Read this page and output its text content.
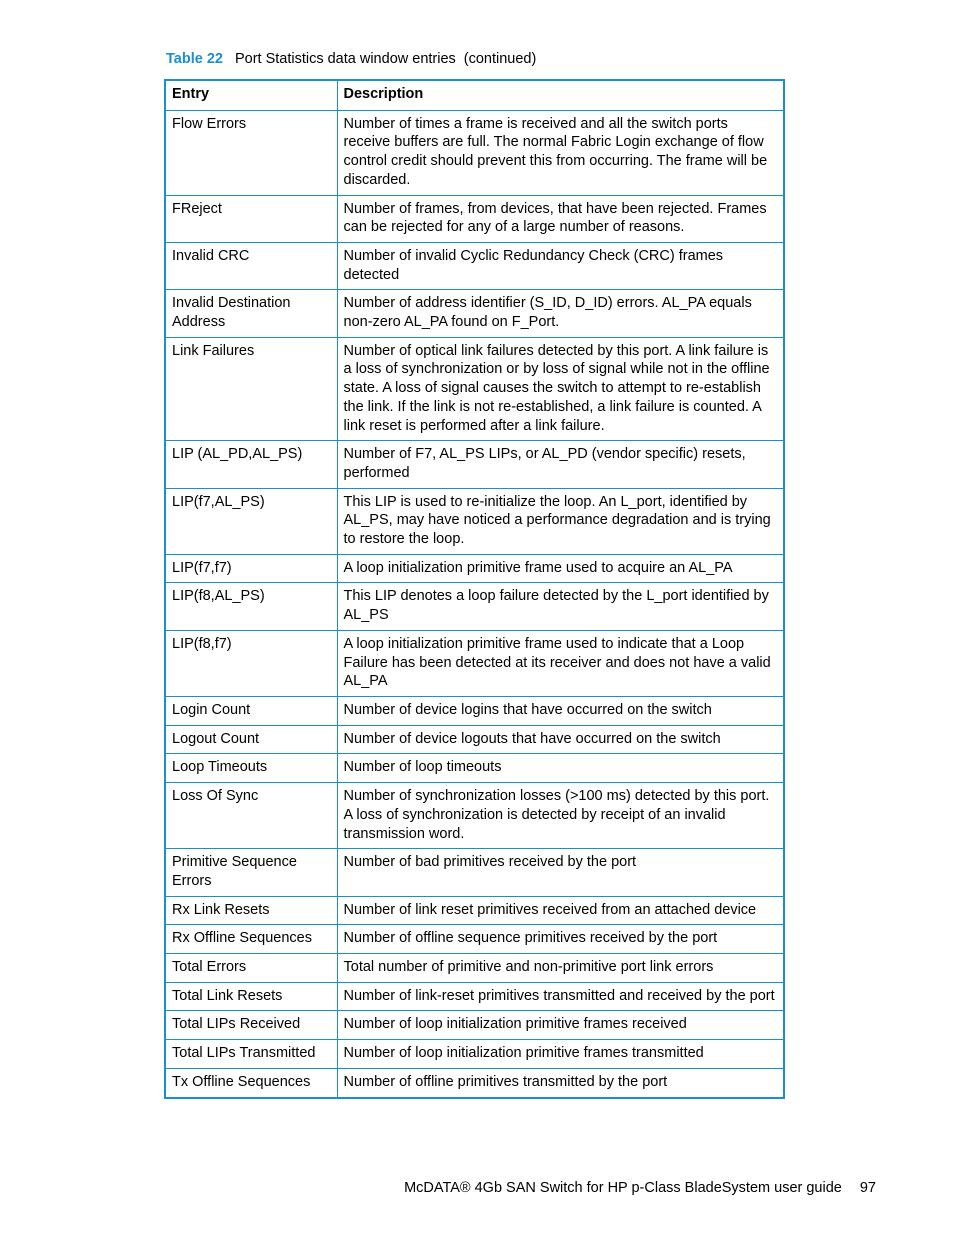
Table 22 Port Statistics data window entries (continued)
Entry	Description
Flow Errors	Number of times a frame is received and all the switch ports receive buffers are full. The normal Fabric Login exchange of flow control credit should prevent this from occurring. The frame will be discarded.
FReject	Number of frames, from devices, that have been rejected. Frames can be rejected for any of a large number of reasons.
Invalid CRC	Number of invalid Cyclic Redundancy Check (CRC) frames detected
Invalid Destination Address	Number of address identifier (S_ID, D_ID) errors. AL_PA equals non-zero AL_PA found on F_Port.
Link Failures	Number of optical link failures detected by this port. A link failure is a loss of synchronization or by loss of signal while not in the offline state. A loss of signal causes the switch to attempt to re-establish the link. If the link is not re-established, a link failure is counted. A link reset is performed after a link failure.
LIP (AL_PD,AL_PS)	Number of F7, AL_PS LIPs, or AL_PD (vendor specific) resets, performed
LIP(f7,AL_PS)	This LIP is used to re-initialize the loop. An L_port, identified by AL_PS, may have noticed a performance degradation and is trying to restore the loop.
LIP(f7,f7)	A loop initialization primitive frame used to acquire an AL_PA
LIP(f8,AL_PS)	This LIP denotes a loop failure detected by the L_port identified by AL_PS
LIP(f8,f7)	A loop initialization primitive frame used to indicate that a Loop Failure has been detected at its receiver and does not have a valid AL_PA
Login Count	Number of device logins that have occurred on the switch
Logout Count	Number of device logouts that have occurred on the switch
Loop Timeouts	Number of loop timeouts
Loss Of Sync	Number of synchronization losses (>100 ms) detected by this port. A loss of synchronization is detected by receipt of an invalid transmission word.
Primitive Sequence Errors	Number of bad primitives received by the port
Rx Link Resets	Number of link reset primitives received from an attached device
Rx Offline Sequences	Number of offline sequence primitives received by the port
Total Errors	Total number of primitive and non-primitive port link errors
Total Link Resets	Number of link-reset primitives transmitted and received by the port
Total LIPs Received	Number of loop initialization primitive frames received
Total LIPs Transmitted	Number of loop initialization primitive frames transmitted
Tx Offline Sequences	Number of offline primitives transmitted by the port
McDATA® 4Gb SAN Switch for HP p-Class BladeSystem user guide 97
